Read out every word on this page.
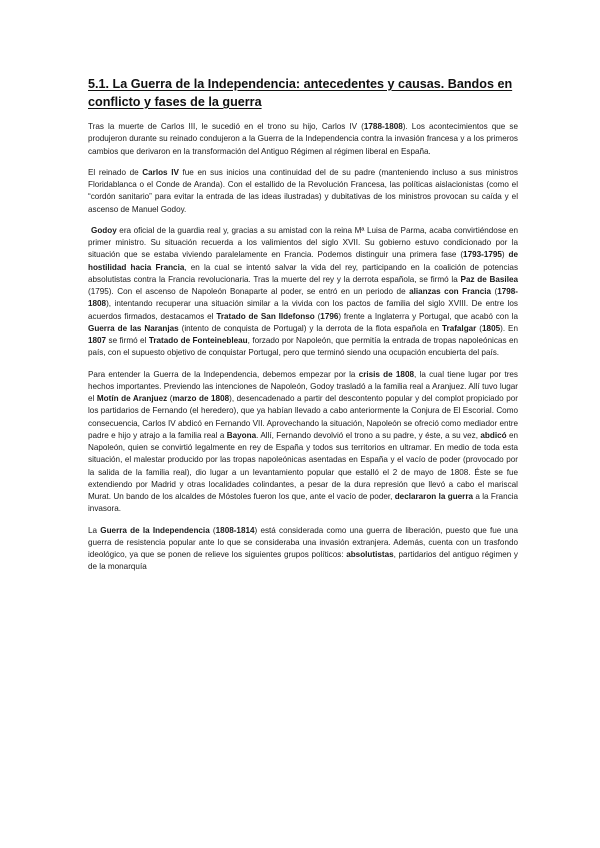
5.1. La Guerra de la Independencia: antecedentes y causas. Bandos en conflicto y fases de la guerra

Tras la muerte de Carlos III, le sucedió en el trono su hijo, Carlos IV (1788-1808). Los acontecimientos que se produjeron durante su reinado condujeron a la Guerra de la Independencia contra la invasión francesa y a los primeros cambios que derivaron en la transformación del Antiguo Régimen al régimen liberal en España.

El reinado de Carlos IV fue en sus inicios una continuidad del de su padre (manteniendo incluso a sus ministros Floridablanca o el Conde de Aranda). Con el estallido de la Revolución Francesa, las políticas aislacionistas (como el “cordón sanitario” para evitar la entrada de las ideas ilustradas) y dubitativas de los ministros provocan su caída y el ascenso de Manuel Godoy.

Godoy era oficial de la guardia real y, gracias a su amistad con la reina Mª Luisa de Parma, acaba convirtiéndose en primer ministro. Su situación recuerda a los valimientos del siglo XVII. Su gobierno estuvo condicionado por la situación que se estaba viviendo paralelamente en Francia. Podemos distinguir una primera fase (1793-1795) de hostilidad hacia Francia, en la cual se intentó salvar la vida del rey, participando en la coalición de potencias absolutistas contra la Francia revolucionaria. Tras la muerte del rey y la derrota española, se firmó la Paz de Basilea (1795). Con el ascenso de Napoleón Bonaparte al poder, se entró en un periodo de alianzas con Francia (1798-1808), intentando recuperar una situación similar a la vivida con los pactos de familia del siglo XVIII. De entre los acuerdos firmados, destacamos el Tratado de San Ildefonso (1796) frente a Inglaterra y Portugal, que acabó con la Guerra de las Naranjas (intento de conquista de Portugal) y la derrota de la flota española en Trafalgar (1805). En 1807 se firmó el Tratado de Fonteinebleau, forzado por Napoleón, que permitía la entrada de tropas napoleónicas en país, con el supuesto objetivo de conquistar Portugal, pero que terminó siendo una ocupación encubierta del país.

Para entender la Guerra de la Independencia, debemos empezar por la crisis de 1808, la cual tiene lugar por tres hechos importantes. Previendo las intenciones de Napoleón, Godoy trasladó a la familia real a Aranjuez. Allí tuvo lugar el Motín de Aranjuez (marzo de 1808), desencadenado a partir del descontento popular y del complot propiciado por los partidarios de Fernando (el heredero), que ya habían llevado a cabo anteriormente la Conjura de El Escorial. Como consecuencia, Carlos IV abdicó en Fernando VII. Aprovechando la situación, Napoleón se ofreció como mediador entre padre e hijo y atrajo a la familia real a Bayona. Allí, Fernando devolvió el trono a su padre, y éste, a su vez, abdicó en Napoleón, quien se convirtió legalmente en rey de España y todos sus territorios en ultramar. En medio de toda esta situación, el malestar producido por las tropas napoleónicas asentadas en España y el vacío de poder (provocado por la salida de la familia real), dio lugar a un levantamiento popular que estalló el 2 de mayo de 1808. Éste se fue extendiendo por Madrid y otras localidades colindantes, a pesar de la dura represión que llevó a cabo el mariscal Murat. Un bando de los alcaldes de Móstoles fueron los que, ante el vacío de poder, declararon la guerra a la Francia invasora.

La Guerra de la Independencia (1808-1814) está considerada como una guerra de liberación, puesto que fue una guerra de resistencia popular ante lo que se consideraba una invasión extranjera. Además, cuenta con un trasfondo ideológico, ya que se ponen de relieve los siguientes grupos políticos: absolutistas, partidarios del antiguo régimen y de la monarquía
